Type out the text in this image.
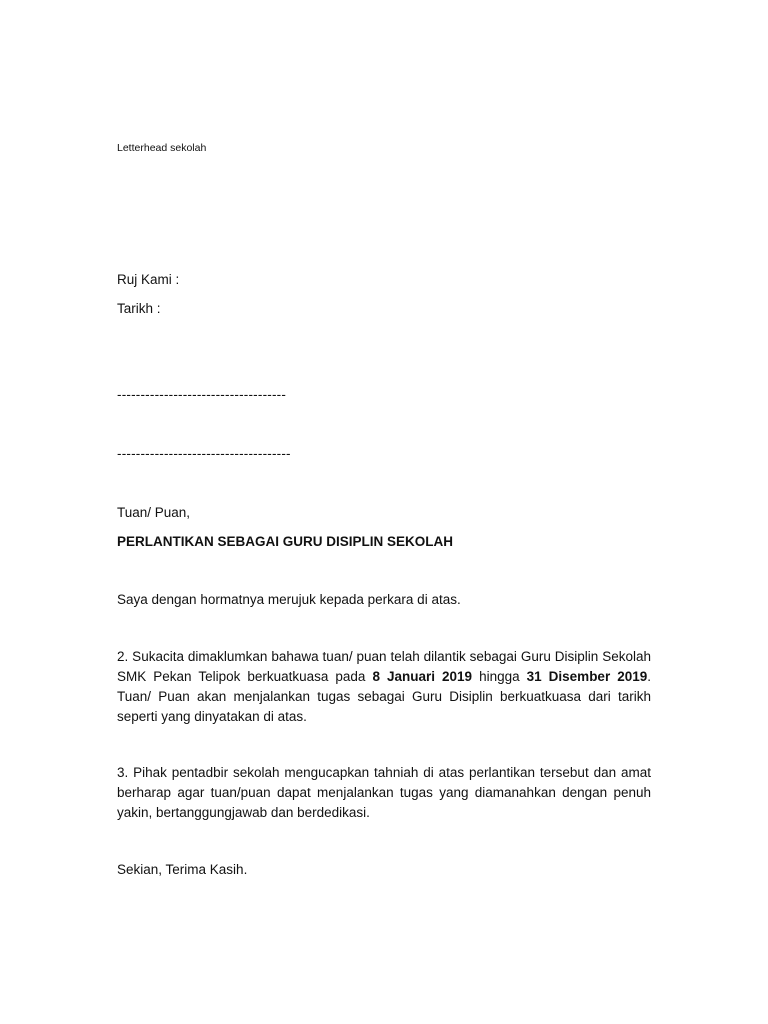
Letterhead sekolah
Ruj Kami :
Tarikh :
------------------------------------
-------------------------------------
Tuan/ Puan,
PERLANTIKAN SEBAGAI GURU DISIPLIN SEKOLAH
Saya dengan hormatnya merujuk kepada perkara di atas.
2. Sukacita dimaklumkan bahawa tuan/ puan telah dilantik sebagai Guru Disiplin Sekolah SMK Pekan Telipok berkuatkuasa pada 8 Januari 2019 hingga 31 Disember 2019. Tuan/ Puan akan menjalankan tugas sebagai Guru Disiplin berkuatkuasa dari tarikh seperti yang dinyatakan di atas.
3. Pihak pentadbir sekolah mengucapkan tahniah di atas perlantikan tersebut dan amat berharap agar tuan/puan dapat menjalankan tugas yang diamanahkan dengan penuh yakin, bertanggungjawab dan berdedikasi.
Sekian, Terima Kasih.
